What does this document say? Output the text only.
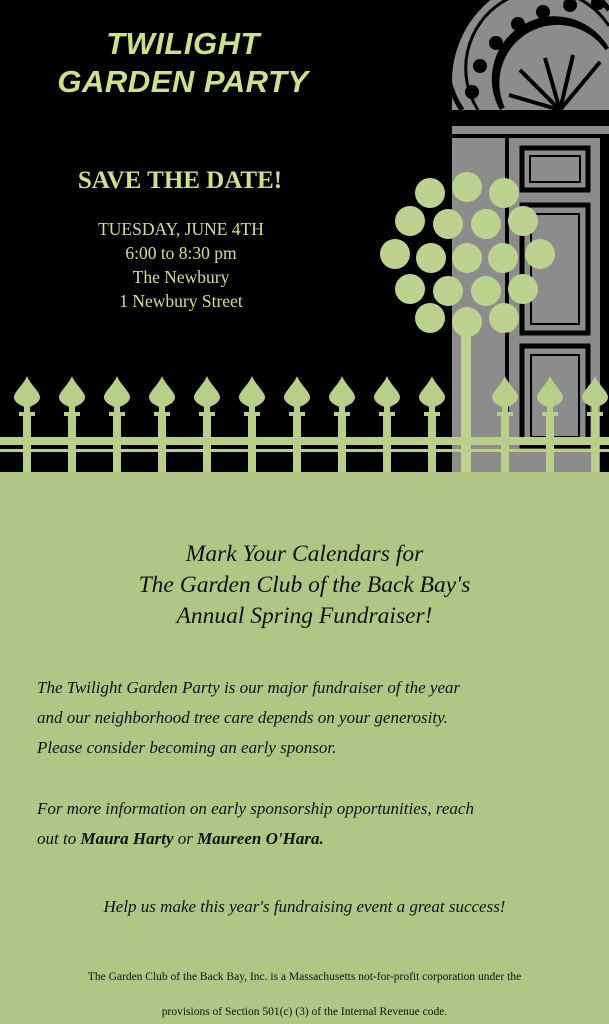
TWILIGHT
GARDEN PARTY
SAVE THE DATE!
TUESDAY, JUNE 4TH
6:00 to 8:30 pm
The Newbury
1 Newbury Street
Mark Your Calendars for
The Garden Club of the Back Bay's
Annual Spring Fundraiser!
The Twilight Garden Party is our major fundraiser of the year
and our neighborhood tree care depends on your generosity.
Please consider becoming an early sponsor.
For more information on early sponsorship opportunities, reach
out to Maura Harty or Maureen O'Hara.
Help us make this year's fundraising event a great success!
The Garden Club of the Back Bay, Inc. is a Massachusetts not-for-profit corporation under the
provisions of Section 501(c) (3) of the Internal Revenue code.
